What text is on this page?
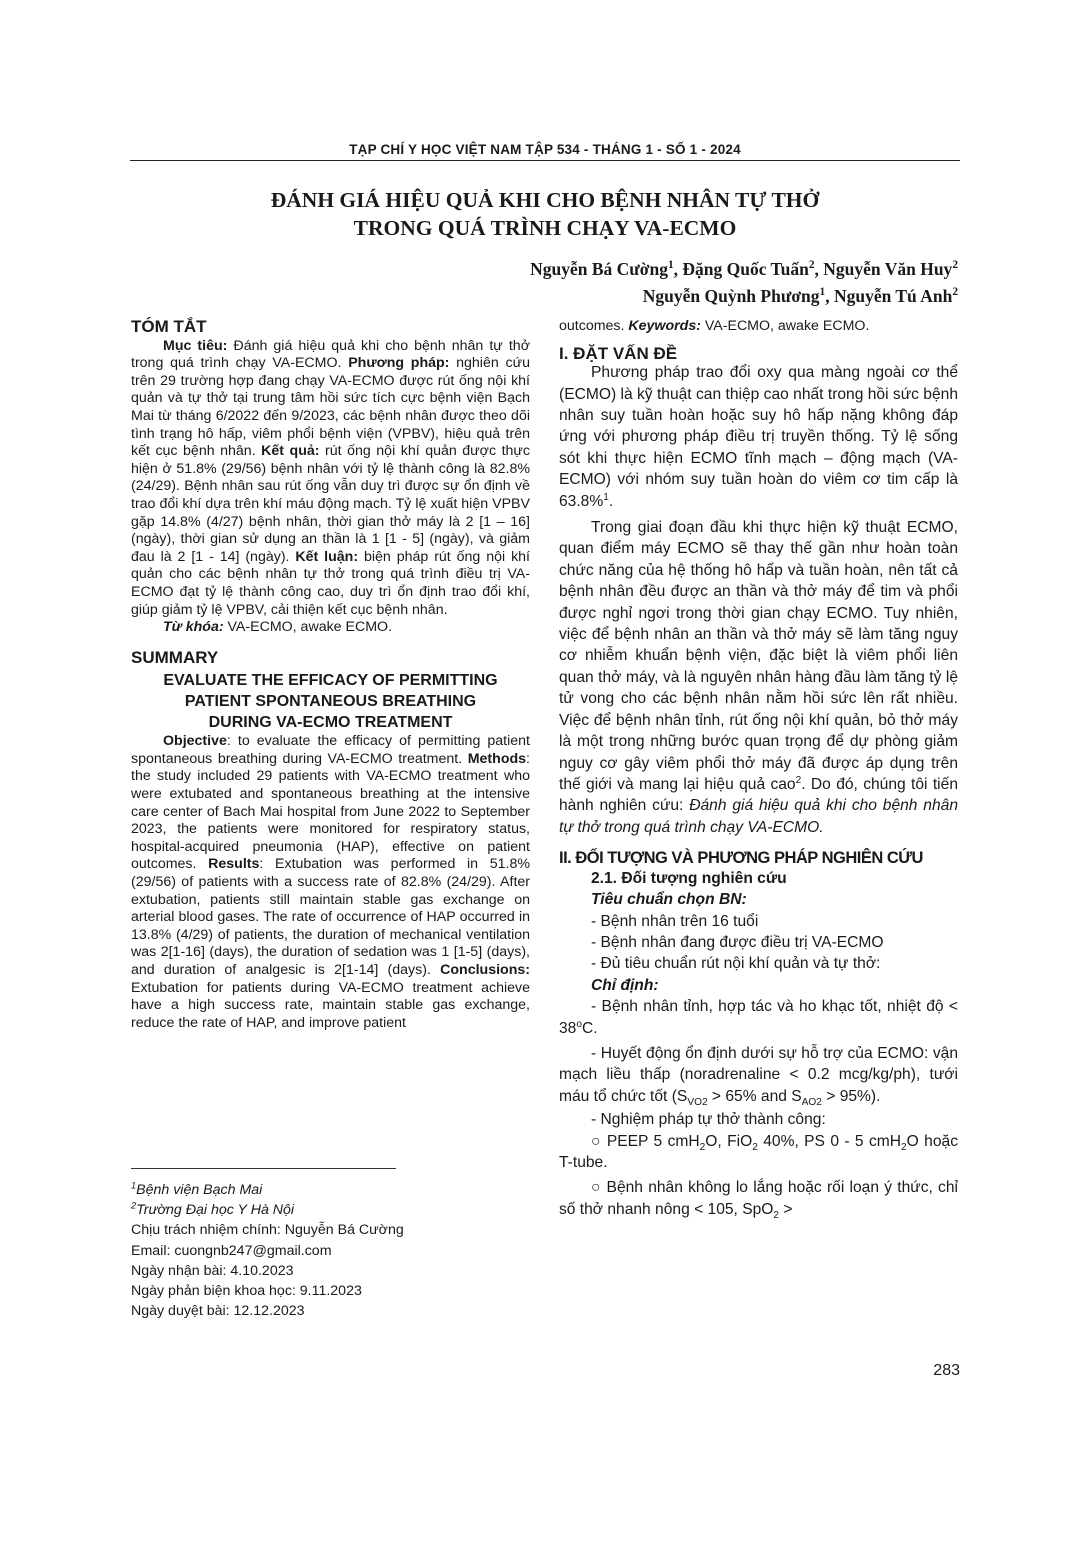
TẠP CHÍ Y HỌC VIỆT NAM TẬP 534 - THÁNG 1 - SỐ 1 - 2024
ĐÁNH GIÁ HIỆU QUẢ KHI CHO BỆNH NHÂN TỰ THỞ
TRONG QUÁ TRÌNH CHẠY VA-ECMO
Nguyễn Bá Cường$^1$, Đặng Quốc Tuấn$^2$, Nguyễn Văn Huy$^2$
Nguyễn Quỳnh Phương$^1$, Nguyễn Tú Anh$^2$

TÓM TẮT

Mục tiêu: Đánh giá hiệu quả khi cho bệnh nhân tự thở trong quá trình chạy VA-ECMO. Phương pháp: nghiên cứu trên 29 trường hợp đang chạy VA-ECMO được rút ống nội khí quản và tự thở tại trung tâm hồi sức tích cực bệnh viện Bạch Mai từ tháng 6/2022 đến 9/2023, các bệnh nhân được theo dõi tình trạng hô hấp, viêm phổi bệnh viện (VPBV), hiệu quả trên kết cục bệnh nhân. Kết quả: rút ống nội khí quản được thực hiện ở 51.8% (29/56) bệnh nhân với tỷ lệ thành công là 82.8% (24/29). Bệnh nhân sau rút ống vẫn duy trì được sự ổn định về trao đổi khí dựa trên khí máu động mạch. Tỷ lệ xuất hiện VPBV gặp 14.8% (4/27) bệnh nhân, thời gian thở máy là 2 [1 – 16] (ngày), thời gian sử dụng an thần là 1 [1 - 5] (ngày), và giảm đau là 2 [1 - 14] (ngày). Kết luận: biện pháp rút ống nội khí quản cho các bệnh nhân tự thở trong quá trình điều trị VA-ECMO đạt tỷ lệ thành công cao, duy trì ổn định trao đổi khí, giúp giảm tỷ lệ VPBV, cải thiện kết cục bệnh nhân.

Từ khóa: VA-ECMO, awake ECMO.

SUMMARY

EVALUATE THE EFFICACY OF PERMITTING

PATIENT SPONTANEOUS BREATHING

DURING VA-ECMO TREATMENT

Objective: to evaluate the efficacy of permitting patient spontaneous breathing during VA-ECMO treatment. Methods: the study included 29 patients with VA-ECMO treatment who were extubated and spontaneous breathing at the intensive care center of Bach Mai hospital from June 2022 to September 2023, the patients were monitored for respiratory status, hospital-acquired pneumonia (HAP), effective on patient outcomes. Results: Extubation was performed in 51.8% (29/56) of patients with a success rate of 82.8% (24/29). After extubation, patients still maintain stable gas exchange on arterial blood gases. The rate of occurrence of HAP occurred in 13.8% (4/29) of patients, the duration of mechanical ventilation was 2[1-16] (days), the duration of sedation was 1 [1-5] (days), and duration of analgesic is 2[1-14] (days). Conclusions: Extubation for patients during VA-ECMO treatment achieve have a high success rate, maintain stable gas exchange, reduce the rate of HAP, and improve patient

$^1$Bệnh viện Bạch Mai
$^2$Trường Đại học Y Hà Nội
Chịu trách nhiệm chính: Nguyễn Bá Cường
Email: cuongnb247@gmail.com
Ngày nhận bài: 4.10.2023
Ngày phản biện khoa học: 9.11.2023
Ngày duyệt bài: 12.12.2023

outcomes. Keywords: VA-ECMO, awake ECMO.

I. ĐẶT VẤN ĐỀ

Phương pháp trao đổi oxy qua màng ngoài cơ thể (ECMO) là kỹ thuật can thiệp cao nhất trong hồi sức bệnh nhân suy tuần hoàn hoặc suy hô hấp nặng không đáp ứng với phương pháp điều trị truyền thống. Tỷ lệ sống sót khi thực hiện ECMO tĩnh mạch – động mạch (VA-ECMO) với nhóm suy tuần hoàn do viêm cơ tim cấp là 63.8%$^1$.

Trong giai đoạn đầu khi thực hiện kỹ thuật ECMO, quan điểm máy ECMO sẽ thay thế gần như hoàn toàn chức năng của hệ thống hô hấp và tuần hoàn, nên tất cả bệnh nhân đều được an thần và thở máy để tim và phổi được nghỉ ngơi trong thời gian chạy ECMO. Tuy nhiên, việc để bệnh nhân an thần và thở máy sẽ làm tăng nguy cơ nhiễm khuẩn bệnh viện, đặc biệt là viêm phổi liên quan thở máy, và là nguyên nhân hàng đầu làm tăng tỷ lệ tử vong cho các bệnh nhân nằm hồi sức lên rất nhiều. Việc để bệnh nhân tỉnh, rút ống nội khí quản, bỏ thở máy là một trong những bước quan trọng để dự phòng giảm nguy cơ gây viêm phổi thở máy đã được áp dụng trên thế giới và mang lại hiệu quả cao$^2$. Do đó, chúng tôi tiến hành nghiên cứu: Đánh giá hiệu quả khi cho bệnh nhân tự thở trong quá trình chạy VA-ECMO.

II. ĐỐI TƯỢNG VÀ PHƯƠNG PHÁP NGHIÊN CỨU

2.1. Đối tượng nghiên cứu

Tiêu chuẩn chọn BN:

- Bệnh nhân trên 16 tuổi

- Bệnh nhân đang được điều trị VA-ECMO

- Đủ tiêu chuẩn rút nội khí quản và tự thở:

Chỉ định:

- Bệnh nhân tỉnh, hợp tác và ho khạc tốt, nhiệt độ < $38^oC$.

- Huyết động ổn định dưới sự hỗ trợ của ECMO: vận mạch liều thấp (noradrenaline < 0.2 mcg/kg/ph), tưới máu tổ chức tốt ($S_{VO2} > 65\%$ and $S_{AO2} > 95\%$).

- Nghiệm pháp tự thở thành công:

○ PEEP 5 cmH$_2$O, FiO$_2$ 40%, PS 0 - 5 cmH$_2$O hoặc T-tube.

○ Bệnh nhân không lo lắng hoặc rối loạn ý thức, chỉ số thở nhanh nông < 105, SpO$_2$ >

283
